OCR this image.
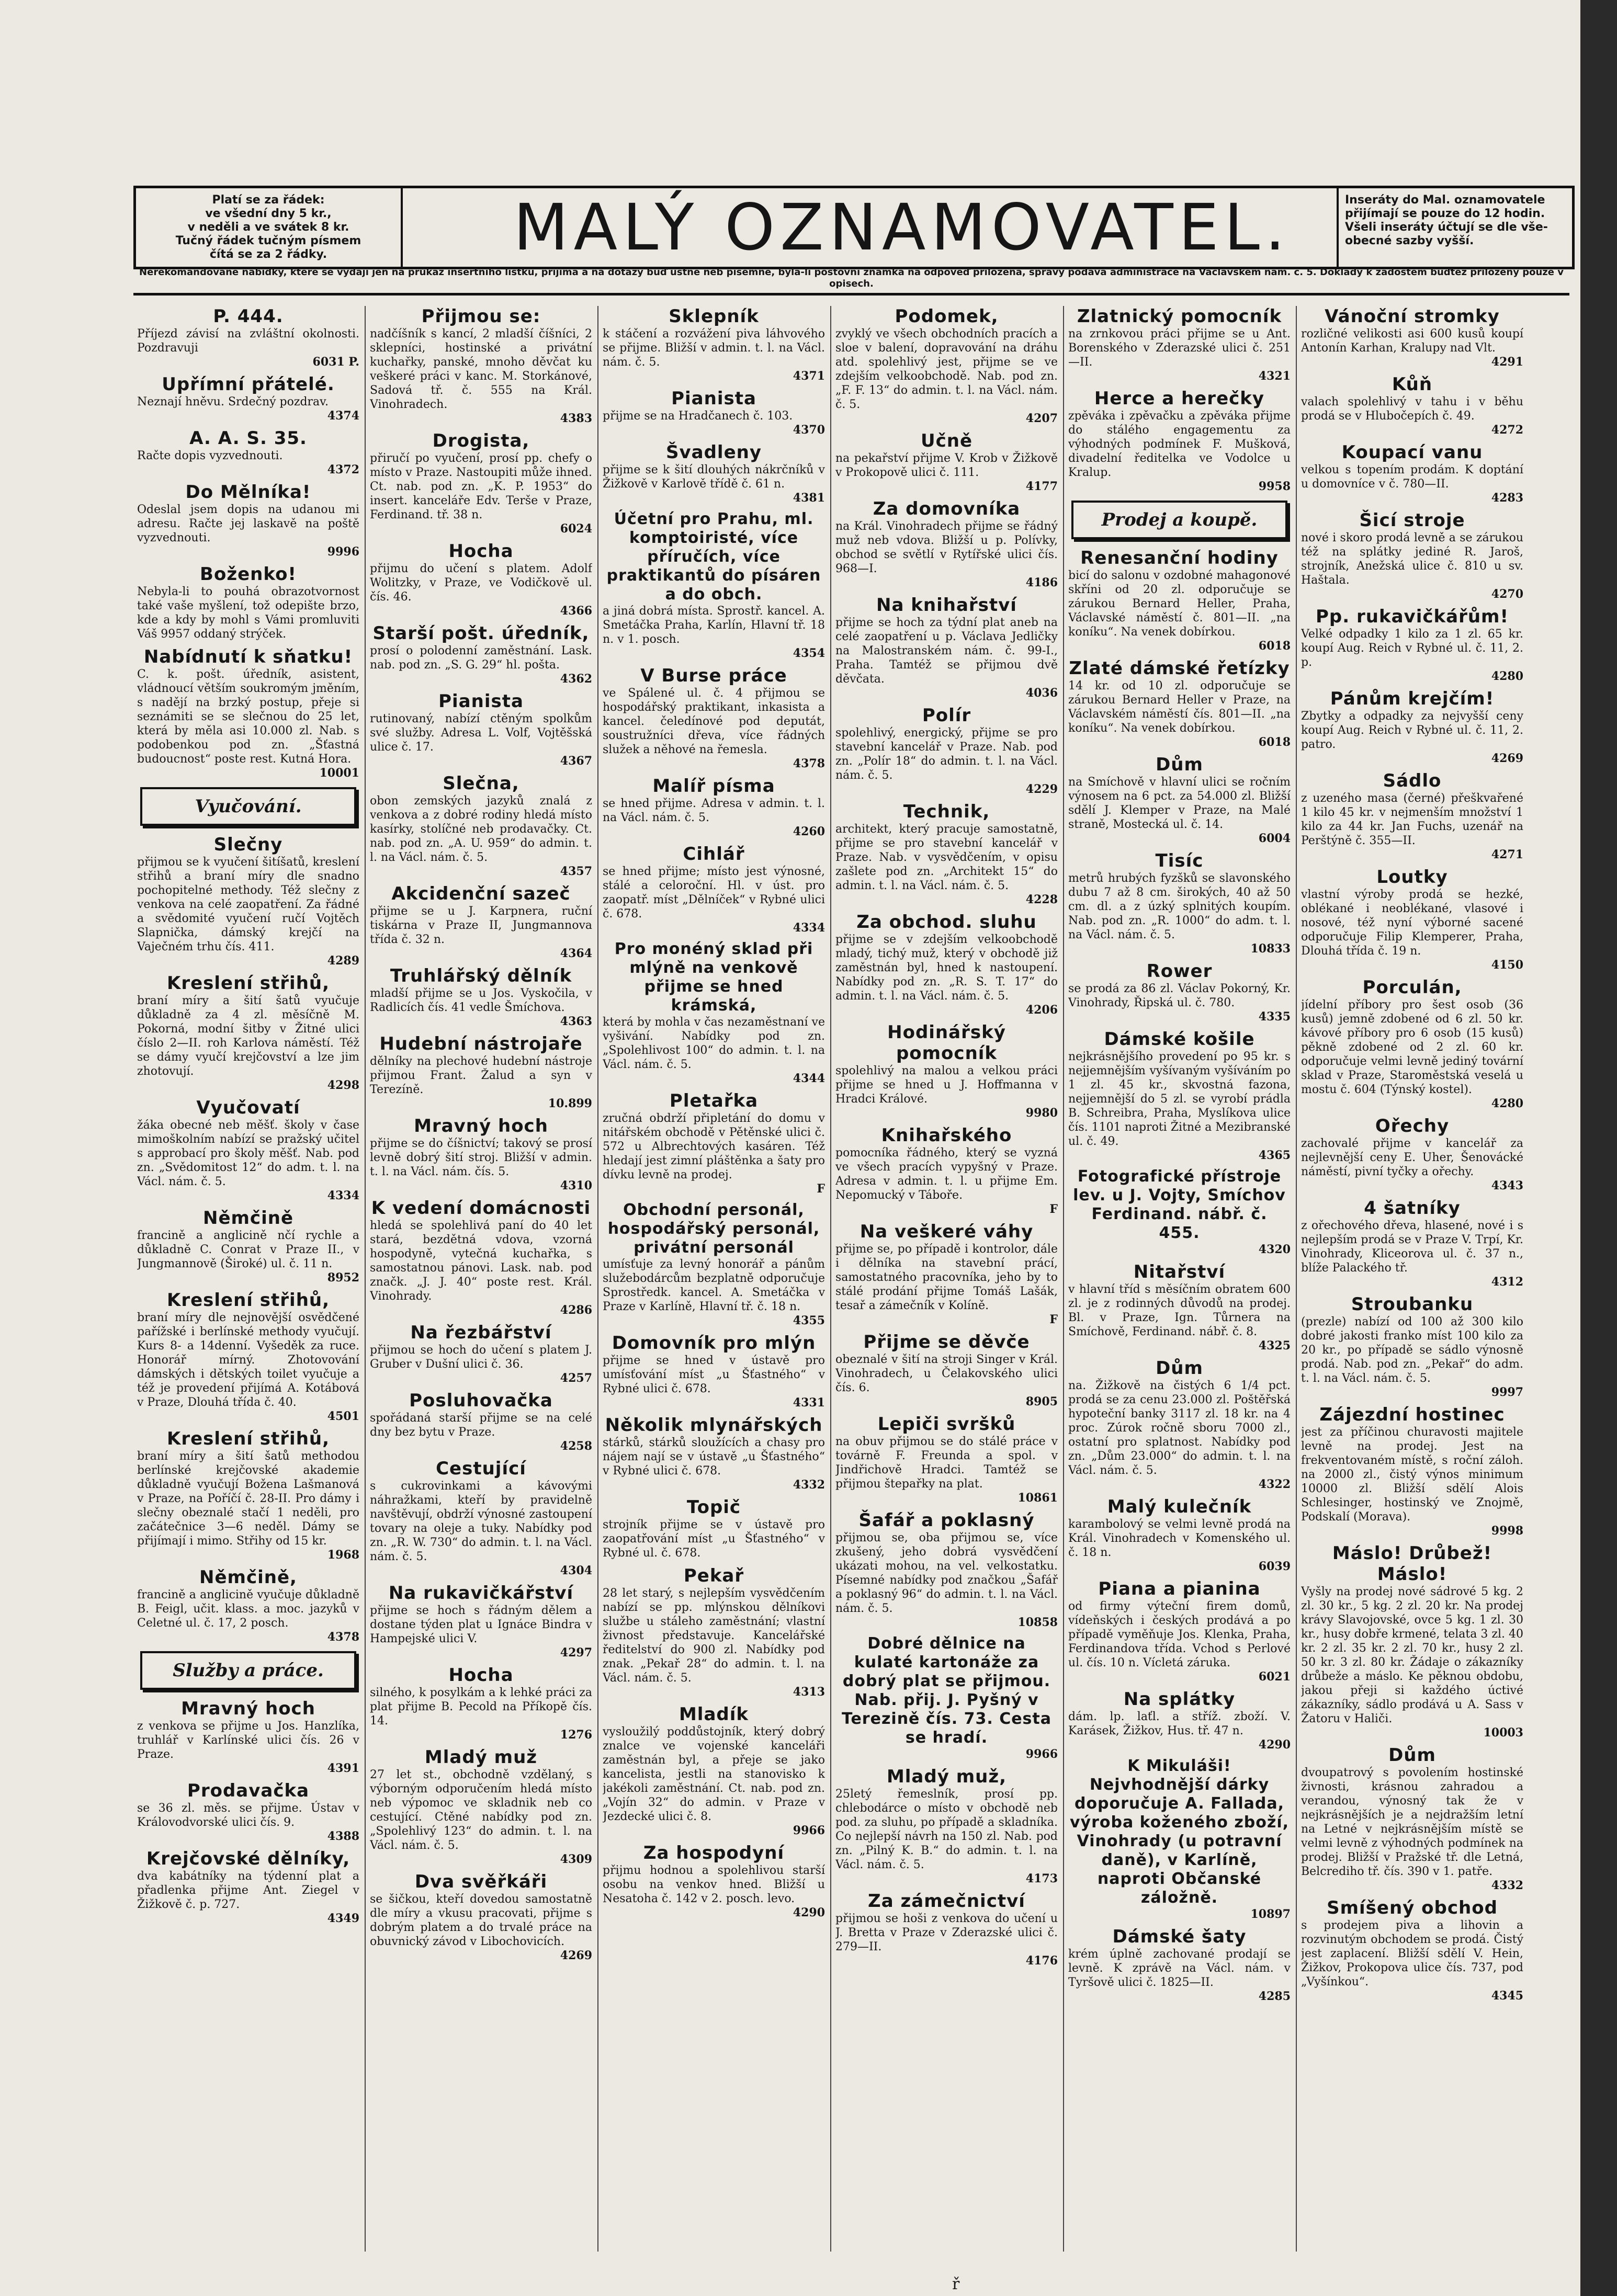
Platí se za řádek:
ve všední dny 5 kr.,
v neděli a ve svátek 8 kr.
Tučný řádek tučným písmem
čítá se za 2 řádky.	MALÝ OZNAMOVATEL.	Inseráty do Mal. oznamovatele
přijímají se pouze do 12 hodin.
Všeli inseráty účtují se dle vše-
obecné sazby vyšší.
Nerekomandované nabídky, které se vydají jen na průkaz insertního lístku, přijímá a na dotazy buď ústně neb písemně, byla-li poštovní známka na odpověď přiložena, správy podává administrace na Václavském nám. č. 5. Doklady k žádostem buďtež přiloženy pouze v opisech.
P. 444.
Příjezd závisí na zvláštní okolnosti. Pozdravuji
6031 P.
Upřímní přátelé.
Neznají hněvu. Srdečný pozdrav.
4374
A. A. S. 35.
Račte dopis vyzvednouti.
4372
Do Mělníka!
Odeslal jsem dopis na udanou mi adresu. Račte jej laskavě na poště vyzvednouti.
9996
Boženko!
Nebyla-li to pouhá obrazotvornost také vaše myšlení, tož odepište brzo, kde a kdy by mohl s Vámi promluviti Váš 9957 oddaný strýček.
Nabídnutí k sňatku!
C. k. pošt. úředník, asistent, vládnoucí větším soukromým jměním, s nadějí na brzký postup, přeje si seznámiti se se slečnou do 25 let, která by měla asi 10.000 zl. Nab. s podobenkou pod zn. „Šťastná budoucnost“ poste rest. Kutná Hora.
10001
Vyučování.
Slečny
přijmou se k vyučení šitíšatů, kreslení střihů a braní míry dle snadno pochopitelné methody. Též slečny z venkova na celé zaopatření. Za řádné a svědomité vyučení ručí Vojtěch Slapnička, dámský krejčí na Vaječném trhu čís. 411.
4289
Kreslení střihů,
braní míry a šití šatů vyučuje důkladně za 4 zl. měsíčně M. Pokorná, modní šitby v Žitné ulici číslo 2—II. roh Karlova náměstí. Též se dámy vyučí krejčovství a lze jim zhotovují.
4298
Vyučovatí
žáka obecné neb měšť. školy v čase mimoškolním nabízí se pražský učitel s approbací pro školy měšť. Nab. pod zn. „Svědomitost 12“ do adm. t. l. na Václ. nám. č. 5.
4334
Němčině
francině a anglicině nčí rychle a důkladně C. Conrat v Praze II., v Jungmannově (Široké) ul. č. 11 n.
8952
Kreslení střihů,
braní míry dle nejnovější osvědčené pařížské i berlínské methody vyučují. Kurs 8- a 14denní. Vyšeděk za ruce. Honorář mírný. Zhotovování dámských i dětských toilet vyučuje a též je provedení přijímá A. Kotábová v Praze, Dlouhá třída č. 40.
4501
Kreslení střihů,
braní míry a šití šatů methodou berlínské krejčovské akademie důkladně vyučují Božena Lašmanová v Praze, na Poříčí č. 28-II. Pro dámy i slečny obeznalé stačí 1 neděli, pro začátečnice 3—6 neděl. Dámy se přijímají i mimo. Střihy od 15 kr.
1968
Němčině,
francině a anglicině vyučuje důkladně B. Feigl, učit. klass. a moc. jazyků v Celetné ul. č. 17, 2 posch.
4378
Služby a práce.
Mravný hoch
z venkova se přijme u Jos. Hanzlíka, truhlář v Karlínské ulici čís. 26 v Praze.
4391
Prodavačka
se 36 zl. měs. se přijme. Ústav v Královodvorské ulici čís. 9.
4388
Krejčovské dělníky,
dva kabátníky na týdenní plat a přadlenka přijme Ant. Ziegel v Žižkově č. p. 727.
4349
Přijmou se:
nadčíšník s kancí, 2 mladší číšníci, 2 sklepníci, hostinské a privátní kuchařky, panské, mnoho děvčat ku veškeré práci v kanc. M. Storkánové, Sadová tř. č. 555 na Král. Vinohradech.
4383
Drogista,
přiručí po vyučení, prosí pp. chefy o místo v Praze. Nastoupiti může ihned. Ct. nab. pod zn. „K. P. 1953“ do insert. kanceláře Edv. Terše v Praze, Ferdinand. tř. 38 n.
6024
Hocha
přijmu do učení s platem. Adolf Wolitzky, v Praze, ve Vodičkově ul. čís. 46.
4366
Starší pošt. úředník,
prosí o polodenní zaměstnání. Lask. nab. pod zn. „S. G. 29“ hl. pošta.
4362
Pianista
rutinovaný, nabízí ctěným spolkům své služby. Adresa L. Volf, Vojtěšská ulice č. 17.
4367
Slečna,
obon zemských jazyků znalá z venkova a z dobré rodiny hledá místo kasírky, stolíčné neb prodavačky. Ct. nab. pod zn. „A. U. 959“ do admin. t. l. na Václ. nám. č. 5.
4357
Akcidenční sazeč
přijme se u J. Karpnera, ruční tiskárna v Praze II, Jungmannova třída č. 32 n.
4364
Truhlářský dělník
mladší přijme se u Jos. Vyskočila, v Radlicích čís. 41 vedle Šmíchova.
4363
Hudební nástrojaře
dělníky na plechové hudební nástroje přijmou Frant. Žalud a syn v Terezíně.
10.899
Mravný hoch
přijme se do číšnictví; takový se prosí levně dobrý šití stroj. Bližší v admin. t. l. na Václ. nám. čís. 5.
4310
K vedení domácnosti
hledá se spolehlivá paní do 40 let stará, bezdětná vdova, vzorná hospodyně, vytečná kuchařka, s samostatnou pánovi. Lask. nab. pod značk. „J. J. 40“ poste rest. Král. Vinohrady.
4286
Na řezbářství
přijmou se hoch do učení s platem J. Gruber v Dušní ulici č. 36.
4257
Posluhovačka
spořádaná starší přijme se na celé dny bez bytu v Praze.
4258
Cestující
s cukrovinkami a kávovými náhražkami, kteří by pravidelně navštěvují, obdrží výnosné zastoupení tovary na oleje a tuky. Nabídky pod zn. „R. W. 730“ do admin. t. l. na Václ. nám. č. 5.
4304
Na rukavičkářství
přijme se hoch s řádným dělem a dostane týden plat u Ignáce Bindra v Hampejské ulici V.
4297
Hocha
silného, k posylkám a k lehké práci za plat přijme B. Pecold na Příkopě čís. 14.
1276
Mladý muž
27 let st., obchodně vzdělaný, s výborným odporučením hledá místo neb výpomoc ve skladnik neb co cestující. Ctěné nabídky pod zn. „Spolehlivý 123“ do admin. t. l. na Václ. nám. č. 5.
4309
Dva svěřkáři
se šičkou, kteří dovedou samostatně dle míry a vkusu pracovati, přijme s dobrým platem a do trvalé práce na obuvnický závod v Libochovicích.
4269
Sklepník
k stáčení a rozvážení piva láhvového se přijme. Bližší v admin. t. l. na Václ. nám. č. 5.
4371
Pianista
přijme se na Hradčanech č. 103.
4370
Švadleny
přijme se k šití dlouhých nákrčníků v Žižkově v Karlově třídě č. 61 n.
4381
Účetní pro Prahu, ml. komptoiristé, více příručích, více praktikantů do písáren a do obch.
a jiná dobrá místa. Sprostř. kancel. A. Smetáčka Praha, Karlín, Hlavní tř. 18 n. v 1. posch.
4354
V Burse práce
ve Spálené ul. č. 4 přijmou se hospodářský praktikant, inkasista a kancel. čeledínové pod deputát, soustružníci dřeva, více řádných služek a něhové na řemesla.
4378
Malíř písma
se hned přijme. Adresa v admin. t. l. na Václ. nám. č. 5.
4260
Cihlář
se hned přijme; místo jest výnosné, stálé a celoroční. Hl. v úst. pro zaopatř. míst „Dělníček“ v Rybné ulici č. 678.
4334
Pro monéný sklad při mlýně na venkově přijme se hned krámská,
která by mohla v čas nezaměstnaní ve vyšivání. Nabídky pod zn. „Spolehlivost 100“ do admin. t. l. na Václ. nám. č. 5.
4344
Pletařka
zručná obdrží připletání do domu v nitářském obchodě v Pětěnské ulici č. 572 u Albrechtových kasáren. Též hledají jest zimní pláštěnka a šaty pro dívku levně na prodej.
F
Obchodní personál, hospodářský personál, privátní personál
umísťuje za levný honorář a pánům služebodárcům bezplatně odporučuje Sprostředk. kancel. A. Smetáčka v Praze v Karlíně, Hlavní tř. č. 18 n.
4355
Domovník pro mlýn
přijme se hned v ústavě pro umísťování míst „u Šťastného“ v Rybné ulici č. 678.
4331
Několik mlynářských
stárků, stárků sloužících a chasy pro nájem nají se v ústavě „u Šťastného“ v Rybné ulici č. 678.
4332
Topič
strojník přijme se v ústavě pro zaopatřování míst „u Šťastného“ v Rybné ul. č. 678.
Pekař
28 let starý, s nejlepším vysvědčením nabízí se pp. mlýnskou dělníkovi službe u stáleho zaměstnání; vlastní živnost představuje. Kancelářské ředitelství do 900 zl. Nabídky pod znak. „Pekař 28“ do admin. t. l. na Václ. nám. č. 5.
4313
Mladík
vysloužilý poddůstojník, který dobrý znalce ve vojenské kanceláři zaměstnán byl, a přeje se jako kancelista, jestli na stanovisko k jakékoli zaměstnání. Ct. nab. pod zn. „Vojín 32“ do admin. v Praze v Jezdecké ulici č. 8.
9966
Za hospodyní
přijmu hodnou a spolehlivou starší osobu na venkov hned. Bližší u Nesatoha č. 142 v 2. posch. levo.
4290
Podomek,
zvyklý ve všech obchodních pracích a sloe v balení, dopravování na dráhu atd. spolehlivý jest, přijme se ve zdejším velkoobchodě. Nab. pod zn. „F. F. 13“ do admin. t. l. na Václ. nám. č. 5.
4207
Učně
na pekařství přijme V. Krob v Žižkově v Prokopově ulici č. 111.
4177
Za domovníka
na Král. Vinohradech přijme se řádný muž neb vdova. Bližší u p. Polívky, obchod se světlí v Rytířské ulici čís. 968—I.
4186
Na knihařství
přijme se hoch za týdní plat aneb na celé zaopatření u p. Václava Jedličky na Malostranském nám. č. 99-I., Praha. Tamtéž se přijmou dvě děvčata.
4036
Polír
spolehlivý, energický, přijme se pro stavební kancelář v Praze. Nab. pod zn. „Polír 18“ do admin. t. l. na Václ. nám. č. 5.
4229
Technik,
architekt, který pracuje samostatně, přijme se pro stavební kancelář v Praze. Nab. v vysvědčením, v opisu zašlete pod zn. „Architekt 15“ do admin. t. l. na Václ. nám. č. 5.
4228
Za obchod. sluhu
přijme se v zdejším velkoobchodě mladý, tichý muž, který v obchodě již zaměstnán byl, hned k nastoupení. Nabídky pod zn. „R. S. T. 17“ do admin. t. l. na Václ. nám. č. 5.
4206
Hodinářský pomocník
spolehlivý na malou a velkou práci přijme se hned u J. Hoffmanna v Hradci Králové.
9980
Knihařského
pomocníka řádného, který se vyzná ve všech pracích vypyšný v Praze. Adresa v admin. t. l. u přijme Em. Nepomucký v Táboře.
F
Na veškeré váhy
přijme se, po případě i kontrolor, dále i dělníka na stavební prácí, samostatného pracovníka, jeho by to stálé prodání přijme Tomáš Lašák, tesař a zámečník v Kolíně.
F
Přijme se děvče
obeznalé v šití na stroji Singer v Král. Vinohradech, u Čelakovského ulici čís. 6.
8905
Lepiči svršků
na obuv přijmou se do stálé práce v továrně F. Freunda a spol. v Jindřichově Hradci. Tamtéž se přijmou štepařky na plat.
10861
Šafář a poklasný
přijmou se, oba přijmou se, více zkušený, jeho dobrá vysvědčení ukázati mohou, na vel. velkostatku. Písemné nabídky pod značkou „Šafář a poklasný 96“ do admin. t. l. na Václ. nám. č. 5.
10858
Dobré dělnice na kulaté kartonáže za dobrý plat se přijmou. Nab. přij. J. Pyšný v Terezině čís. 73. Cesta se hradí.
9966
Mladý muž,
25letý řemeslník, prosí pp. chlebodárce o místo v obchodě neb pod. za sluhu, po případě a skladníka. Co nejlepší návrh na 150 zl. Nab. pod zn. „Pilný K. B.“ do admin. t. l. na Václ. nám. č. 5.
4173
Za zámečnictví
přijmou se hoši z venkova do učení u J. Bretta v Praze v Zderazské ulici č. 279—II.
4176
Zlatnický pomocník
na zrnkovou práci přijme se u Ant. Borenského v Zderazské ulici č. 251—II.
4321
Herce a herečky
zpěváka i zpěvačku a zpěvákа přijme do stálého engagementu za výhodných podmínek F. Mušková, divadelní ředitelka ve Vodolce u Kralup.
9958
Prodej a koupě.
Renesanční hodiny
bicí do salonu v ozdobné mahagonové skříni od 20 zl. odporučuje se zárukou Bernard Heller, Praha, Václavské náměstí č. 801—II. „na koníku“. Na venek dobírkou.
6018
Zlaté dámské řetízky
14 kr. od 10 zl. odporučuje se zárukou Bernard Heller v Praze, na Václavském náměstí čís. 801—II. „na koníku“. Na venek dobírkou.
6018
Dům
na Smíchově v hlavní ulici se ročním výnosem na 6 pct. za 54.000 zl. Bližší sdělí J. Klemper v Praze, na Malé straně, Mostecká ul. č. 14.
6004
Tisíc
metrů hrubých fyzšků se slavonského dubu 7 až 8 cm. širokých, 40 až 50 cm. dl. a z úzký splnitých koupím. Nab. pod zn. „R. 1000“ do adm. t. l. na Václ. nám. č. 5.
10833
Rower
se prodá za 86 zl. Václav Pokorný, Kr. Vinohrady, Řipská ul. č. 780.
4335
Dámské košile
nejkrásnějšího provedení po 95 kr. s nejjemnějším vyšívaným vyšíváním po 1 zl. 45 kr., skvostná fazona, nejjemnější do 5 zl. se vyrobí prádla B. Schreibra, Praha, Myslíkova ulice čís. 1101 naproti Žitné a Mezibranské ul. č. 49.
4365
Fotografické přístroje lev. u J. Vojty, Smíchov Ferdinand. nábř. č. 455.
4320
Nitařství
v hlavní tříd s měsíčním obratem 600 zl. je z rodinných důvodů na prodej. Bl. v Praze, Ign. Tůrnera na Smíchově, Ferdinand. nábř. č. 8.
4325
Dům
na. Žižkově na čistých 6 1/4 pct. prodá se za cenu 23.000 zl. Poštěřská hypoteční banky 3117 zl. 18 kr. na 4 proc. Zúrok ročně sboru 7000 zl., ostatní pro splatnost. Nabídky pod zn. „Dům 23.000“ do admin. t. l. na Václ. nám. č. 5.
4322
Malý kulečník
karambolový se velmi levně prodá na Král. Vinohradech v Komenského ul. č. 18 n.
6039
Piana a pianina
od firmy výteční firem domů, vídeňských i českých prodává a po případě vyměňuje Jos. Klenka, Praha, Ferdinandova třída. Vchod s Perlové ul. čís. 10 n. Vícletá záruka.
6021
Na splátky
dám. lp. laťl. a stříž. zboží. V. Karásek, Žižkov, Hus. tř. 47 n.
4290
K Mikuláši! Nejvhodnější dárky doporučuje A. Fallada, výroba koženého zboží, Vinohrady (u potravní daně), v Karlíně, naproti Občanské záložně.
10897
Dámské šaty
krém úplně zachované prodají se levně. K zprávě na Václ. nám. v Tyršově ulici č. 1825—II.
4285
Vánoční stromky
rozličné velikosti asi 600 kusů koupí Antonín Karhan, Kralupy nad Vlt.
4291
Kůň
valach spolehlivý v tahu i v běhu prodá se v Hlubočepích č. 49.
4272
Koupací vanu
velkou s topením prodám. K doptání u domovníce v č. 780—II.
4283
Šicí stroje
nové i skoro prodá levně a se zárukou též na splátky jediné R. Jaroš, strojník, Anežská ulice č. 810 u sv. Haštala.
4270
Pp. rukavičkářům!
Velké odpadky 1 kilo za 1 zl. 65 kr. koupí Aug. Reich v Rybné ul. č. 11, 2. p.
4280
Pánům krejčím!
Zbytky a odpadky za nejvyšší ceny koupí Aug. Reich v Rybné ul. č. 11, 2. patro.
4269
Sádlo
z uzeného masa (černé) přeškvařené 1 kilo 45 kr. v nejmenším množství 1 kilo za 44 kr. Jan Fuchs, uzenář na Perštýně č. 355—II.
4271
Loutky
vlastní výroby prodá se hezké, oblékané i neoblékané, vlasové i nosové, též nyní výborné sacené odporučuje Filip Klemperer, Praha, Dlouhá třída č. 19 n.
4150
Porculán,
jídelní příbory pro šest osob (36 kusů) jemně zdobené od 6 zl. 50 kr. kávové příbory pro 6 osob (15 kusů) pěkně zdobené od 2 zl. 60 kr. odporučuje velmi levně jediný tovární sklad v Praze, Staroměstská veselá u mostu č. 604 (Týnský kostel).
4280
Ořechy
zachovalé přijme v kancelář za nejlevnější ceny E. Uher, Šenovácké náměstí, pivní tyčky a ořechy.
4343
4 šatníky
z ořechového dřeva, hlasené, nové i s nejlepším prodá se v Praze V. Trpí, Kr. Vinohrady, Kliceorova ul. č. 37 n., blíže Palackého tř.
4312
Stroubanku
(prezle) nabízí od 100 až 300 kilo dobré jakosti franko míst 100 kilo za 20 kr., po případě se sádlo výnosně prodá. Nab. pod zn. „Pekař“ do adm. t. l. na Václ. nám. č. 5.
9997
Zájezdní hostinec
jest za příčinou churavosti majitele levně na prodej. Jest na frekventovaném místě, s roční záloh. na 2000 zl., čistý výnos minimum 10000 zl. Bližší sdělí Alois Schlesinger, hostinský ve Znojmě, Podskalí (Morava).
9998
Máslo! Drůbež! Máslo!
Vyšly na prodej nové sádrové 5 kg. 2 zl. 30 kr., 5 kg. 2 zl. 20 kr. Na prodej krávy Slavojovské, ovce 5 kg. 1 zl. 30 kr., husy dobře krmené, telata 3 zl. 40 kr. 2 zl. 35 kr. 2 zl. 70 kr., husy 2 zl. 50 kr. 3 zl. 80 kr. Žádaje o zákazníky drůbeže a máslo. Ke pěknou obdobu, jakou přeji si každého úctivé zákazníky, sádlo prodává u A. Sass v Žatoru v Haliči.
10003
Dům
dvoupatrový s povolením hostinské živnosti, krásnou zahradou a verandou, výnosný tak že v nejkrásnějších je a nejdražším letní na Letné v nejkrásnějším místě se velmi levně z výhodných podmínek na prodej. Bližší v Pražské tř. dle Letná, Belcrediho tř. čís. 390 v 1. patře.
4332
Smíšený obchod
s prodejem piva a lihovin a rozvinutým obchodem se prodá. Čistý jest zaplacení. Bližší sdělí V. Hein, Žižkov, Prokopova ulice čís. 737, pod „Vyšínkou“.
4345
ř
